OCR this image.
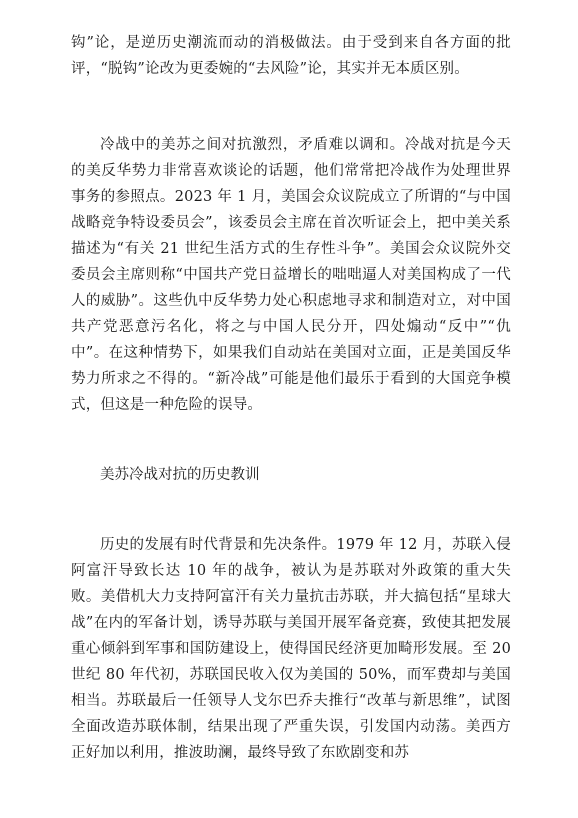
钩”论，是逆历史潮流而动的消极做法。由于受到来自各方面的批评，“脱钩”论改为更委婉的“去风险”论，其实并无本质区别。

冷战中的美苏之间对抗激烈，矛盾难以调和。冷战对抗是今天的美反华势力非常喜欢谈论的话题，他们常常把冷战作为处理世界事务的参照点。2023 年 1 月，美国会众议院成立了所谓的“与中国战略竞争特设委员会”，该委员会主席在首次听证会上，把中美关系描述为“有关 21 世纪生活方式的生存性斗争”。美国会众议院外交委员会主席则称“中国共产党日益增长的咄咄逼人对美国构成了一代人的威胁”。这些仇中反华势力处心积虑地寻求和制造对立，对中国共产党恶意污名化，将之与中国人民分开，四处煽动“反中”“仇中”。在这种情势下，如果我们自动站在美国对立面，正是美国反华势力所求之不得的。“新冷战”可能是他们最乐于看到的大国竞争模式，但这是一种危险的误导。

美苏冷战对抗的历史教训

历史的发展有时代背景和先决条件。1979 年 12 月，苏联入侵阿富汗导致长达 10 年的战争，被认为是苏联对外政策的重大失败。美借机大力支持阿富汗有关力量抗击苏联，并大搞包括“星球大战”在内的军备计划，诱导苏联与美国开展军备竞赛，致使其把发展重心倾斜到军事和国防建设上，使得国民经济更加畸形发展。至 20 世纪 80 年代初，苏联国民收入仅为美国的 50%，而军费却与美国相当。苏联最后一任领导人戈尔巴乔夫推行“改革与新思维”，试图全面改造苏联体制，结果出现了严重失误，引发国内动荡。美西方正好加以利用，推波助澜，最终导致了东欧剧变和苏
